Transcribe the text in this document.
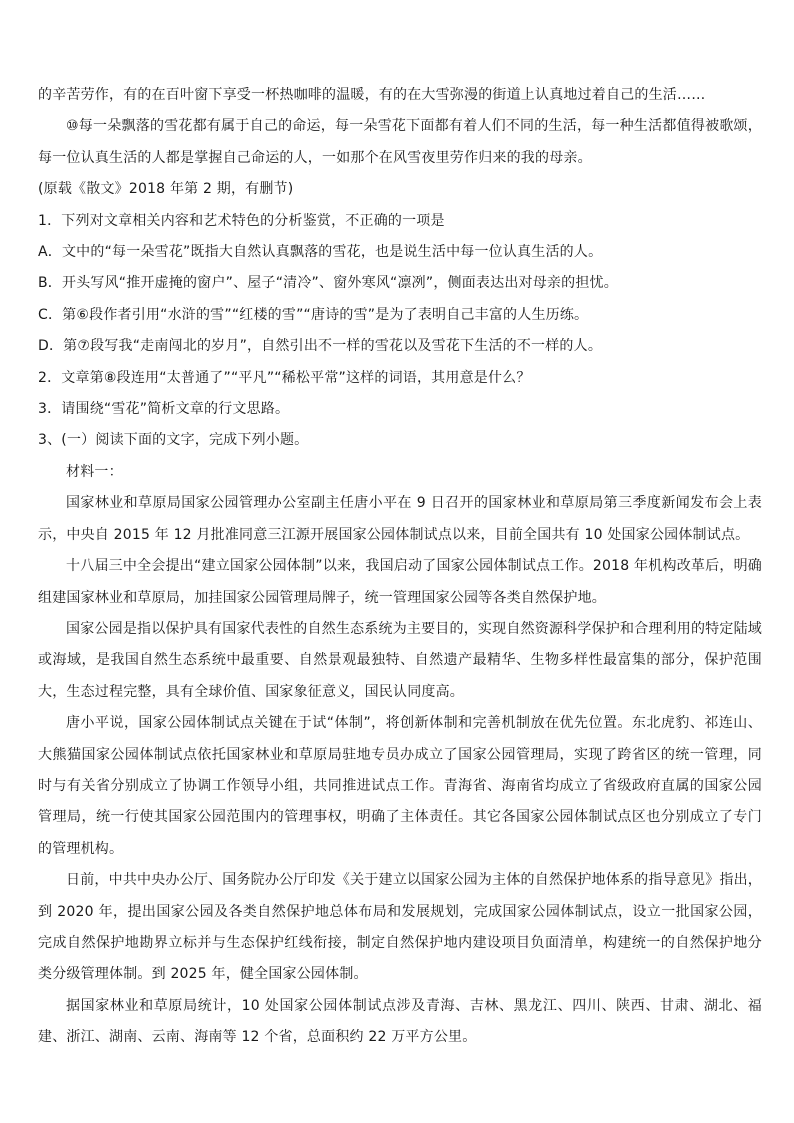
的辛苦劳作，有的在百叶窗下享受一杯热咖啡的温暖，有的在大雪弥漫的街道上认真地过着自己的生活……

⑩每一朵飘落的雪花都有属于自己的命运，每一朵雪花下面都有着人们不同的生活，每一种生活都值得被歌颂，每一位认真生活的人都是掌握自己命运的人，一如那个在风雪夜里劳作归来的我的母亲。

(原载《散文》2018 年第 2 期，有删节)

1．下列对文章相关内容和艺术特色的分析鉴赏，不正确的一项是

A．文中的“每一朵雪花”既指大自然认真飘落的雪花，也是说生活中每一位认真生活的人。

B．开头写风“推开虚掩的窗户”、屋子“清冷”、窗外寒风“凛冽”，侧面表达出对母亲的担忧。

C．第⑥段作者引用“水浒的雪”“红楼的雪”“唐诗的雪”是为了表明自己丰富的人生历练。

D．第⑦段写我“走南闯北的岁月”，自然引出不一样的雪花以及雪花下生活的不一样的人。

2．文章第⑧段连用“太普通了”“平凡”“稀松平常”这样的词语，其用意是什么？

3．请围绕“雪花”简析文章的行文思路。

3、(一）阅读下面的文字，完成下列小题。

材料一：

国家林业和草原局国家公园管理办公室副主任唐小平在 9 日召开的国家林业和草原局第三季度新闻发布会上表示，中央自 2015 年 12 月批准同意三江源开展国家公园体制试点以来，目前全国共有 10 处国家公园体制试点。

十八届三中全会提出“建立国家公园体制”以来，我国启动了国家公园体制试点工作。2018 年机构改革后，明确组建国家林业和草原局，加挂国家公园管理局牌子，统一管理国家公园等各类自然保护地。

国家公园是指以保护具有国家代表性的自然生态系统为主要目的，实现自然资源科学保护和合理利用的特定陆域或海域，是我国自然生态系统中最重要、自然景观最独特、自然遗产最精华、生物多样性最富集的部分，保护范围大，生态过程完整，具有全球价值、国家象征意义，国民认同度高。

唐小平说，国家公园体制试点关键在于试“体制”，将创新体制和完善机制放在优先位置。东北虎豹、祁连山、大熊猫国家公园体制试点依托国家林业和草原局驻地专员办成立了国家公园管理局，实现了跨省区的统一管理，同时与有关省分别成立了协调工作领导小组，共同推进试点工作。青海省、海南省均成立了省级政府直属的国家公园管理局，统一行使其国家公园范围内的管理事权，明确了主体责任。其它各国家公园体制试点区也分别成立了专门的管理机构。

日前，中共中央办公厅、国务院办公厅印发《关于建立以国家公园为主体的自然保护地体系的指导意见》指出，到 2020 年，提出国家公园及各类自然保护地总体布局和发展规划，完成国家公园体制试点，设立一批国家公园，完成自然保护地勘界立标并与生态保护红线衔接，制定自然保护地内建设项目负面清单，构建统一的自然保护地分类分级管理体制。到 2025 年，健全国家公园体制。

据国家林业和草原局统计，10 处国家公园体制试点涉及青海、吉林、黑龙江、四川、陕西、甘肃、湖北、福建、浙江、湖南、云南、海南等 12 个省，总面积约 22 万平方公里。
